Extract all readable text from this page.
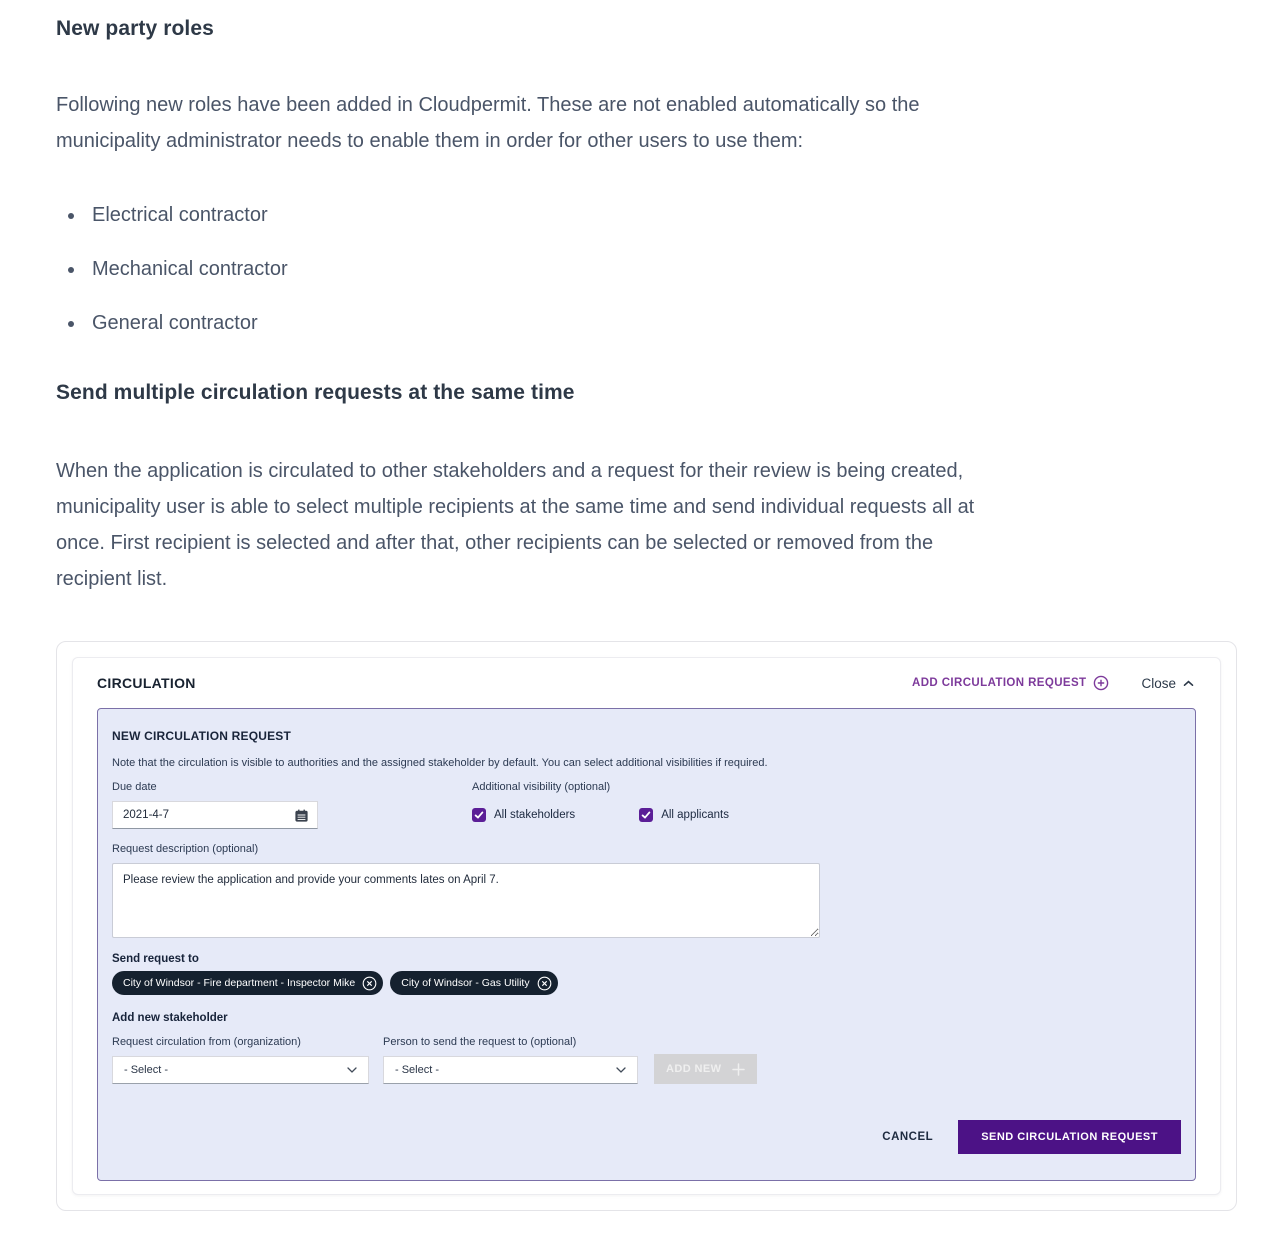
New party roles
Following new roles have been added in Cloudpermit. These are not enabled automatically so the
municipality administrator needs to enable them in order for other users to use them:
• Electrical contractor
• Mechanical contractor
• General contractor
Send multiple circulation requests at the same time
When the application is circulated to other stakeholders and a request for their review is being created,
municipality user is able to select multiple recipients at the same time and send individual requests all at
once. First recipient is selected and after that, other recipients can be selected or removed from the
recipient list.
CIRCULATION	ADD CIRCULATION REQUEST	Close
NEW CIRCULATION REQUEST
Note that the circulation is visible to authorities and the assigned stakeholder by default. You can select additional visibilities if required.
Due date
2021-4-7	Additional visibility (optional)
All stakeholders	All applicants
Request description (optional)
Please review the application and provide your comments lates on April 7.
Send request to
City of Windsor - Fire department - Inspector Mike	City of Windsor - Gas Utility
Add new stakeholder
Request circulation from (organization)
- Select -
Person to send the request to (optional)
- Select -	ADD NEW
CANCEL	SEND CIRCULATION REQUEST
